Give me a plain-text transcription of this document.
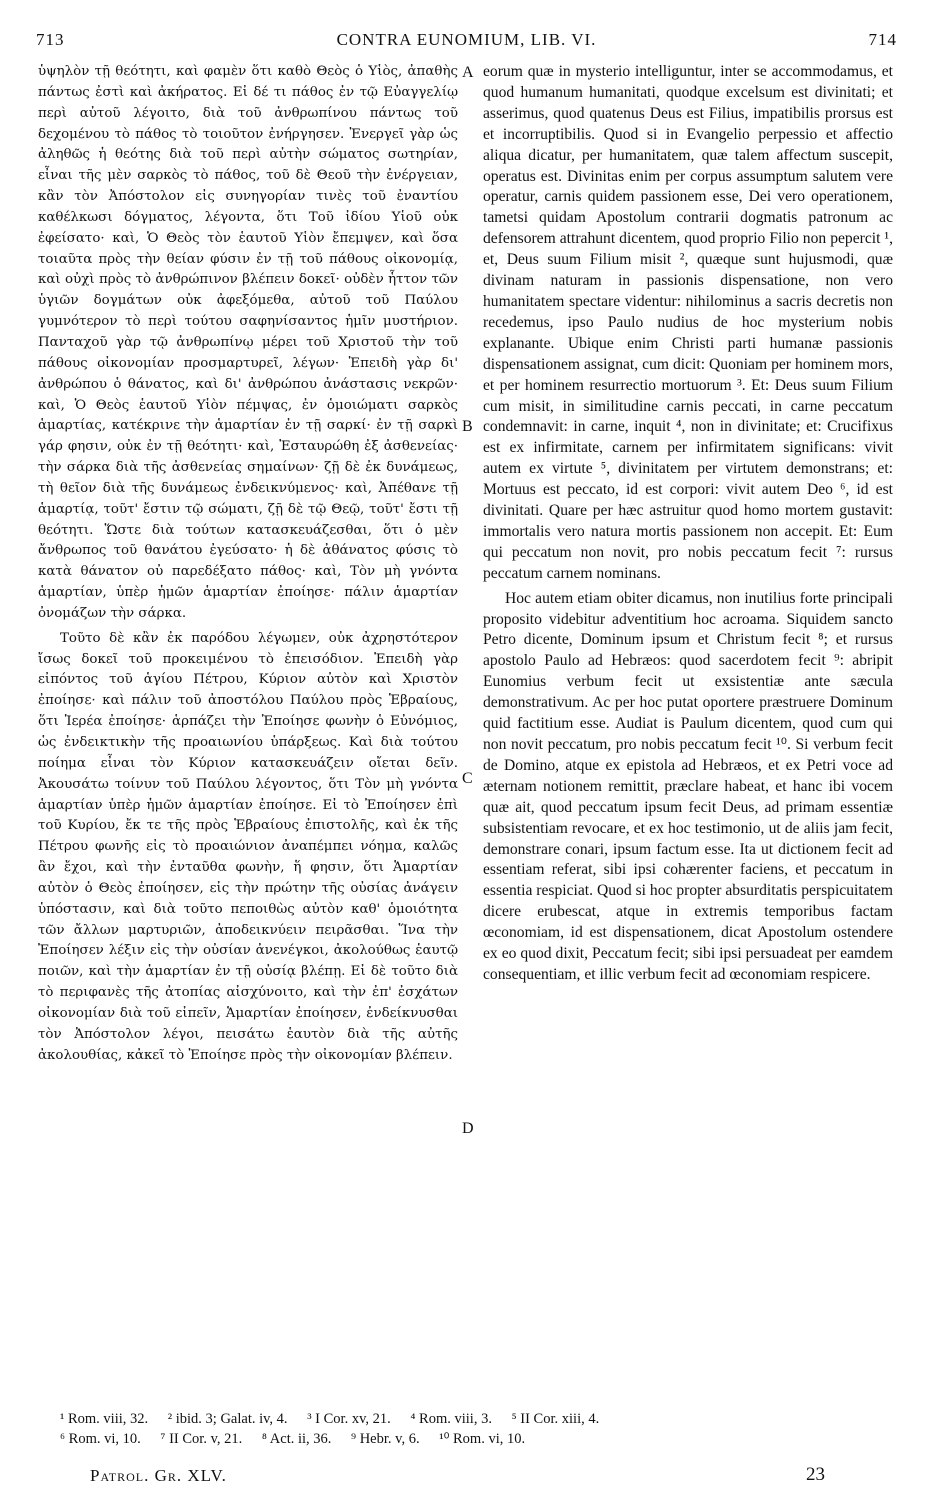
713	CONTRA EUNOMIUM, LIB. VI.	714

ὑψηλὸν τῇ θεότητι, καὶ φαμὲν ὅτι καθὸ Θεὸς ὁ Υἱὸς, ἀπαθὴς πάντως ἐστὶ καὶ ἀκήρατος. Εἰ δέ τι πάθος ἐν τῷ Εὐαγγελίῳ περὶ αὐτοῦ λέγοιτο, διὰ τοῦ ἀνθρωπίνου πάντως τοῦ δεχομένου τὸ πάθος τὸ τοιοῦτον ἐνήργησεν. Ἐνεργεῖ γὰρ ὡς ἀληθῶς ἡ θεότης διὰ τοῦ περὶ αὐτὴν σώματος σωτηρίαν, εἶναι τῆς μὲν σαρκὸς τὸ πάθος, τοῦ δὲ Θεοῦ τὴν ἐνέργειαν, κἂν τὸν Ἀπόστολον εἰς συνηγορίαν τινὲς τοῦ ἐναντίου καθέλκωσι δόγματος, λέγοντα, ὅτι Τοῦ ἰδίου Υἱοῦ οὐκ ἐφείσατο· καὶ, Ὁ Θεὸς τὸν ἑαυτοῦ Υἱὸν ἔπεμψεν, καὶ ὅσα τοιαῦτα πρὸς τὴν θείαν φύσιν ἐν τῇ τοῦ πάθους οἰκονομίᾳ, καὶ οὐχὶ πρὸς τὸ ἀνθρώπινον βλέπειν δοκεῖ· οὐδὲν ἧττον τῶν ὑγιῶν δογμάτων οὐκ ἀφεξόμεθα, αὐτοῦ τοῦ Παύλου γυμνότερον τὸ περὶ τούτου σαφηνίσαντος ἡμῖν μυστήριον. Πανταχοῦ γὰρ τῷ ἀνθρωπίνῳ μέρει τοῦ Χριστοῦ τὴν τοῦ πάθους οἰκονομίαν προσμαρτυρεῖ, λέγων· Ἐπειδὴ γὰρ δι' ἀνθρώπου ὁ θάνατος, καὶ δι' ἀνθρώπου ἀνάστασις νεκρῶν· καὶ, Ὁ Θεὸς ἑαυτοῦ Υἱὸν πέμψας, ἐν ὁμοιώματι σαρκὸς ἁμαρτίας, κατέκρινε τὴν ἁμαρτίαν ἐν τῇ σαρκί· ἐν τῇ σαρκὶ γάρ φησιν, οὐκ ἐν τῇ θεότητι· καὶ, Ἐσταυρώθη ἐξ ἀσθενείας· τὴν σάρκα διὰ τῆς ἀσθενείας σημαίνων· ζῇ δὲ ἐκ δυνάμεως, τὴ θεῖον διὰ τῆς δυνάμεως ἐνδεικνύμενος· καὶ, Ἀπέθανε τῇ ἁμαρτίᾳ, τοῦτ' ἔστιν τῷ σώματι, ζῇ δὲ τῷ Θεῷ, τοῦτ' ἔστι τῇ θεότητι. Ὥστε διὰ τούτων κατασκευάζεσθαι, ὅτι ὁ μὲν ἄνθρωπος τοῦ θανάτου ἐγεύσατο· ἡ δὲ ἀθάνατος φύσις τὸ κατὰ θάνατον οὐ παρεδέξατο πάθος· καὶ, Τὸν μὴ γνόντα ἁμαρτίαν, ὑπὲρ ἡμῶν ἁμαρτίαν ἐποίησε· πάλιν ἁμαρτίαν ὀνομάζων τὴν σάρκα.

Τοῦτο δὲ κἂν ἐκ παρόδου λέγωμεν, οὐκ ἀχρηστότερον ἴσως δοκεῖ τοῦ προκειμένου τὸ ἐπεισόδιον. Ἐπειδὴ γὰρ εἰπόντος τοῦ ἁγίου Πέτρου, Κύριον αὐτὸν καὶ Χριστὸν ἐποίησε· καὶ πάλιν τοῦ ἀποστόλου Παύλου πρὸς Ἑβραίους, ὅτι Ἱερέα ἐποίησε· ἁρπάζει τὴν Ἐποίησε φωνὴν ὁ Εὐνόμιος, ὡς ἐνδεικτικὴν τῆς προαιωνίου ὑπάρξεως. Καὶ διὰ τούτου ποίημα εἶναι τὸν Κύριον κατασκευάζειν οἴεται δεῖν. Ἀκουσάτω τοίνυν τοῦ Παύλου λέγοντος, ὅτι Τὸν μὴ γνόντα ἁμαρτίαν ὑπὲρ ἡμῶν ἁμαρτίαν ἐποίησε. Εἰ τὸ Ἐποίησεν ἐπὶ τοῦ Κυρίου, ἔκ τε τῆς πρὸς Ἑβραίους ἐπιστολῆς, καὶ ἐκ τῆς Πέτρου φωνῆς εἰς τὸ προαιώνιον ἀναπέμπει νόημα, καλῶς ἂν ἔχοι, καὶ τὴν ἐνταῦθα φωνὴν, ἥ φησιν, ὅτι Ἁμαρτίαν αὐτὸν ὁ Θεὸς ἐποίησεν, εἰς τὴν πρώτην τῆς οὐσίας ἀνάγειν ὑπόστασιν, καὶ διὰ τοῦτο πεποιθὼς αὐτὸν καθ' ὁμοιότητα τῶν ἄλλων μαρτυριῶν, ἀποδεικνύειν πειρᾶσθαι. Ἵνα τὴν Ἐποίησεν λέξιν εἰς τὴν οὐσίαν ἀνενέγκοι, ἀκολούθως ἑαυτῷ ποιῶν, καὶ τὴν ἁμαρτίαν ἐν τῇ οὐσίᾳ βλέπῃ. Εἰ δὲ τοῦτο διὰ τὸ περιφανὲς τῆς ἀτοπίας αἰσχύνοιτο, καὶ τὴν ἐπ' ἐσχάτων οἰκονομίαν διὰ τοῦ εἰπεῖν, Ἁμαρτίαν ἐποίησεν, ἐνδείκνυσθαι τὸν Ἀπόστολον λέγοι, πεισάτω ἑαυτὸν διὰ τῆς αὐτῆς ἀκολουθίας, κἀκεῖ τὸ Ἐποίησε πρὸς τὴν οἰκονομίαν βλέπειν.

A
B
C
D

eorum quæ in mysterio intelliguntur, inter se accommodamus, et quod humanum humanitati, quodque excelsum est divinitati; et asserimus, quod quatenus Deus est Filius, impatibilis prorsus est et incorruptibilis. Quod si in Evangelio perpessio et affectio aliqua dicatur, per humanitatem, quæ talem affectum suscepit, operatus est. Divinitas enim per corpus assumptum salutem vere operatur, carnis quidem passionem esse, Dei vero operationem, tametsi quidam Apostolum contrarii dogmatis patronum ac defensorem attrahunt dicentem, quod proprio Filio non pepercit ¹, et, Deus suum Filium misit ², quæque sunt hujusmodi, quæ divinam naturam in passionis dispensatione, non vero humanitatem spectare videntur: nihilominus a sacris decretis non recedemus, ipso Paulo nudius de hoc mysterium nobis explanante. Ubique enim Christi parti humanæ passionis dispensationem assignat, cum dicit: Quoniam per hominem mors, et per hominem resurrectio mortuorum ³. Et: Deus suum Filium cum misit, in similitudine carnis peccati, in carne peccatum condemnavit: in carne, inquit ⁴, non in divinitate; et: Crucifixus est ex infirmitate, carnem per infirmitatem significans: vivit autem ex virtute ⁵, divinitatem per virtutem demonstrans; et: Mortuus est peccato, id est corpori: vivit autem Deo ⁶, id est divinitati. Quare per hæc astruitur quod homo mortem gustavit: immortalis vero natura mortis passionem non accepit. Et: Eum qui peccatum non novit, pro nobis peccatum fecit ⁷: rursus peccatum carnem nominans.

Hoc autem etiam obiter dicamus, non inutilius forte principali proposito videbitur adventitium hoc acroama. Siquidem sancto Petro dicente, Dominum ipsum et Christum fecit ⁸; et rursus apostolo Paulo ad Hebræos: quod sacerdotem fecit ⁹: abripit Eunomius verbum fecit ut exsistentiæ ante sæcula demonstrativum. Ac per hoc putat oportere præstruere Dominum quid factitium esse. Audiat is Paulum dicentem, quod cum qui non novit peccatum, pro nobis peccatum fecit ¹⁰. Si verbum fecit de Domino, atque ex epistola ad Hebræos, et ex Petri voce ad æternam notionem remittit, præclare habeat, et hanc ibi vocem quæ ait, quod peccatum ipsum fecit Deus, ad primam essentiæ subsistentiam revocare, et ex hoc testimonio, ut de aliis jam fecit, demonstrare conari, ipsum factum esse. Ita ut dictionem fecit ad essentiam referat, sibi ipsi cohærenter faciens, et peccatum in essentia respiciat. Quod si hoc propter absurditatis perspicuitatem dicere erubescat, atque in extremis temporibus factam œconomiam, id est dispensationem, dicat Apostolum ostendere ex eo quod dixit, Peccatum fecit; sibi ipsi persuadeat per eamdem consequentiam, et illic verbum fecit ad œconomiam respicere.

¹ Rom. viii, 32. ² ibid. 3; Galat. iv, 4. ³ I Cor. xv, 21. ⁴ Rom. viii, 3. ⁵ II Cor. xiii, 4.
⁶ Rom. vi, 10. ⁷ II Cor. v, 21. ⁸ Act. ii, 36. ⁹ Hebr. v, 6. ¹⁰ Rom. vi, 10.
Patrol. Gr. XLV.	23
